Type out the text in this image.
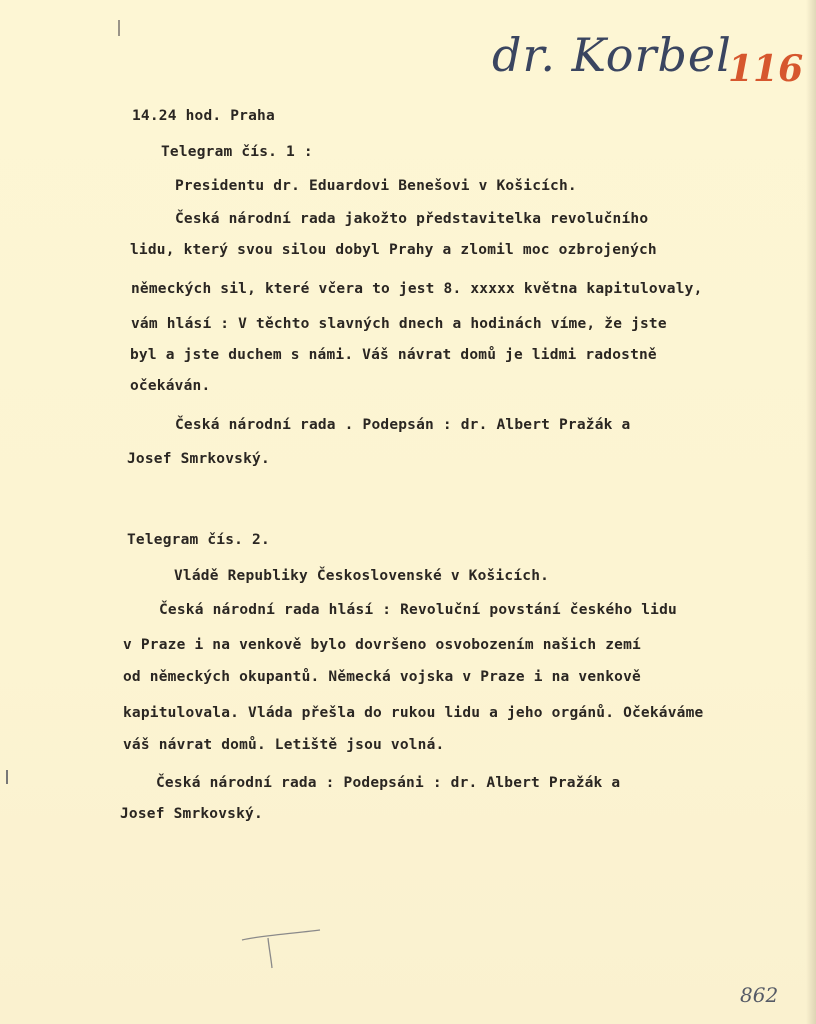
dr. Korbel
116
862
14.24 hod. Praha
Telegram čís. 1 :
Presidentu dr. Eduardovi Benešovi v Košicích.
Česká národní rada jakožto představitelka revolučního
lidu, který svou silou dobyl Prahy a zlomil moc ozbrojených
německých sil, které včera to jest 8. xxxxx května kapitulovaly,
vám hlásí : V těchto slavných dnech a hodinách víme, že jste
byl a jste duchem s námi. Váš návrat domů je lidmi radostně
očekáván.
Česká národní rada . Podepsán : dr. Albert Pražák a
Josef Smrkovský.
Telegram čís. 2.
Vládě Republiky Československé v Košicích.
Česká národní rada hlásí : Revoluční povstání českého lidu
v Praze i na venkově bylo dovršeno osvobozením našich zemí
od německých okupantů. Německá vojska v Praze i na venkově
kapitulovala. Vláda přešla do rukou lidu a jeho orgánů. Očekáváme
váš návrat domů. Letiště jsou volná.
Česká národní rada : Podepsáni : dr. Albert Pražák a
Josef Smrkovský.
